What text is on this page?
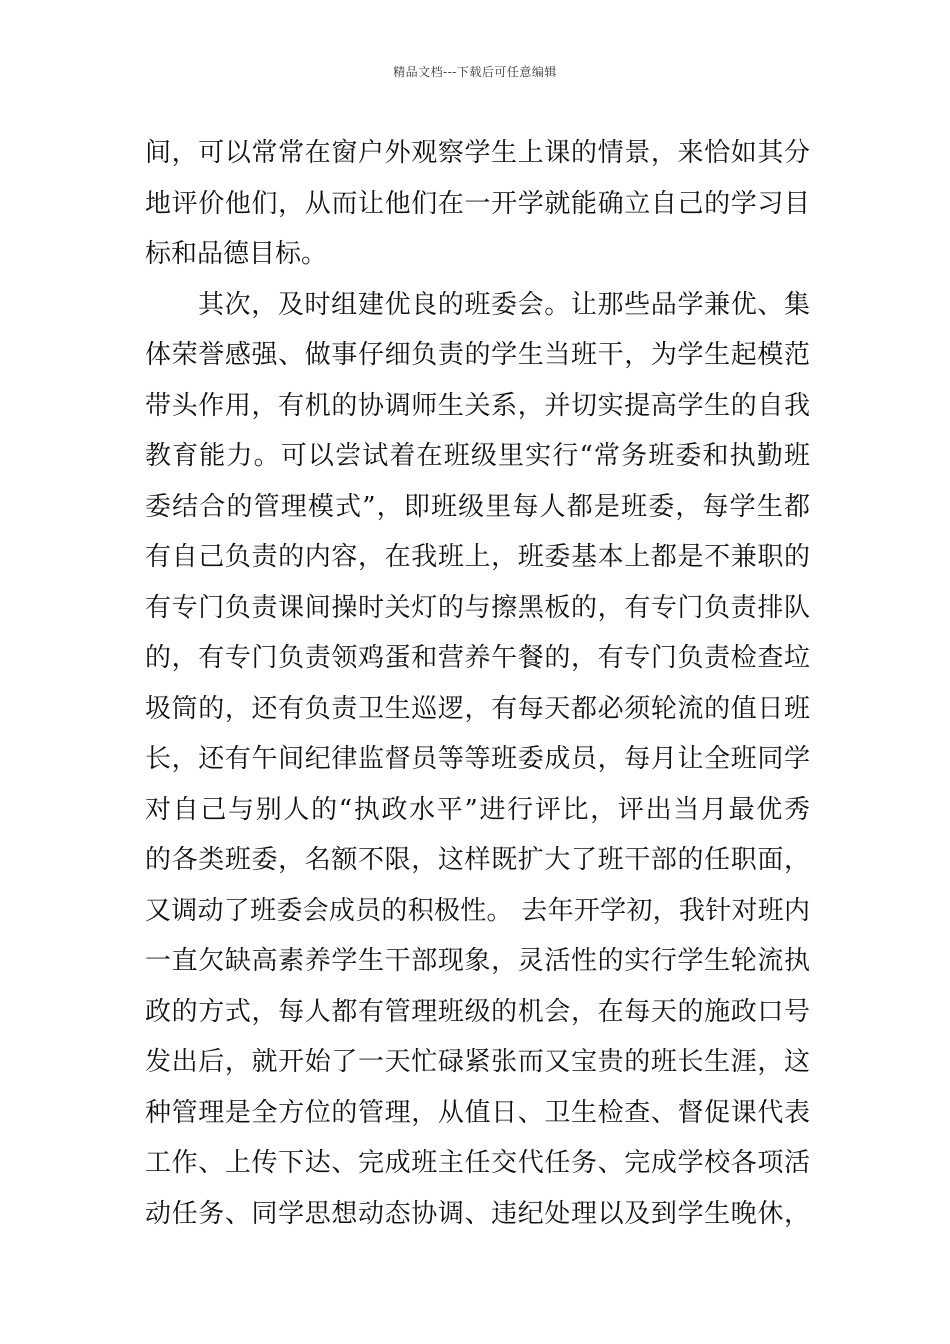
精品文档---下载后可任意编辑
间，可以常常在窗户外观察学生上课的情景，来恰如其分
地评价他们，从而让他们在一开学就能确立自己的学习目
标和品德目标。
其次，及时组建优良的班委会。让那些品学兼优、集
体荣誉感强、做事仔细负责的学生当班干，为学生起模范
带头作用，有机的协调师生关系，并切实提高学生的自我
教育能力。可以尝试着在班级里实行“常务班委和执勤班
委结合的管理模式”，即班级里每人都是班委，每学生都
有自己负责的内容，在我班上，班委基本上都是不兼职的
有专门负责课间操时关灯的与擦黑板的，有专门负责排队
的，有专门负责领鸡蛋和营养午餐的，有专门负责检查垃
圾筒的，还有负责卫生巡逻，有每天都必须轮流的值日班
长，还有午间纪律监督员等等班委成员，每月让全班同学
对自己与别人的“执政水平”进行评比，评出当月最优秀
的各类班委，名额不限，这样既扩大了班干部的任职面，
又调动了班委会成员的积极性。 去年开学初，我针对班内
一直欠缺高素养学生干部现象，灵活性的实行学生轮流执
政的方式，每人都有管理班级的机会，在每天的施政口号
发出后，就开始了一天忙碌紧张而又宝贵的班长生涯，这
种管理是全方位的管理，从值日、卫生检查、督促课代表
工作、上传下达、完成班主任交代任务、完成学校各项活
动任务、同学思想动态协调、违纪处理以及到学生晚休，
